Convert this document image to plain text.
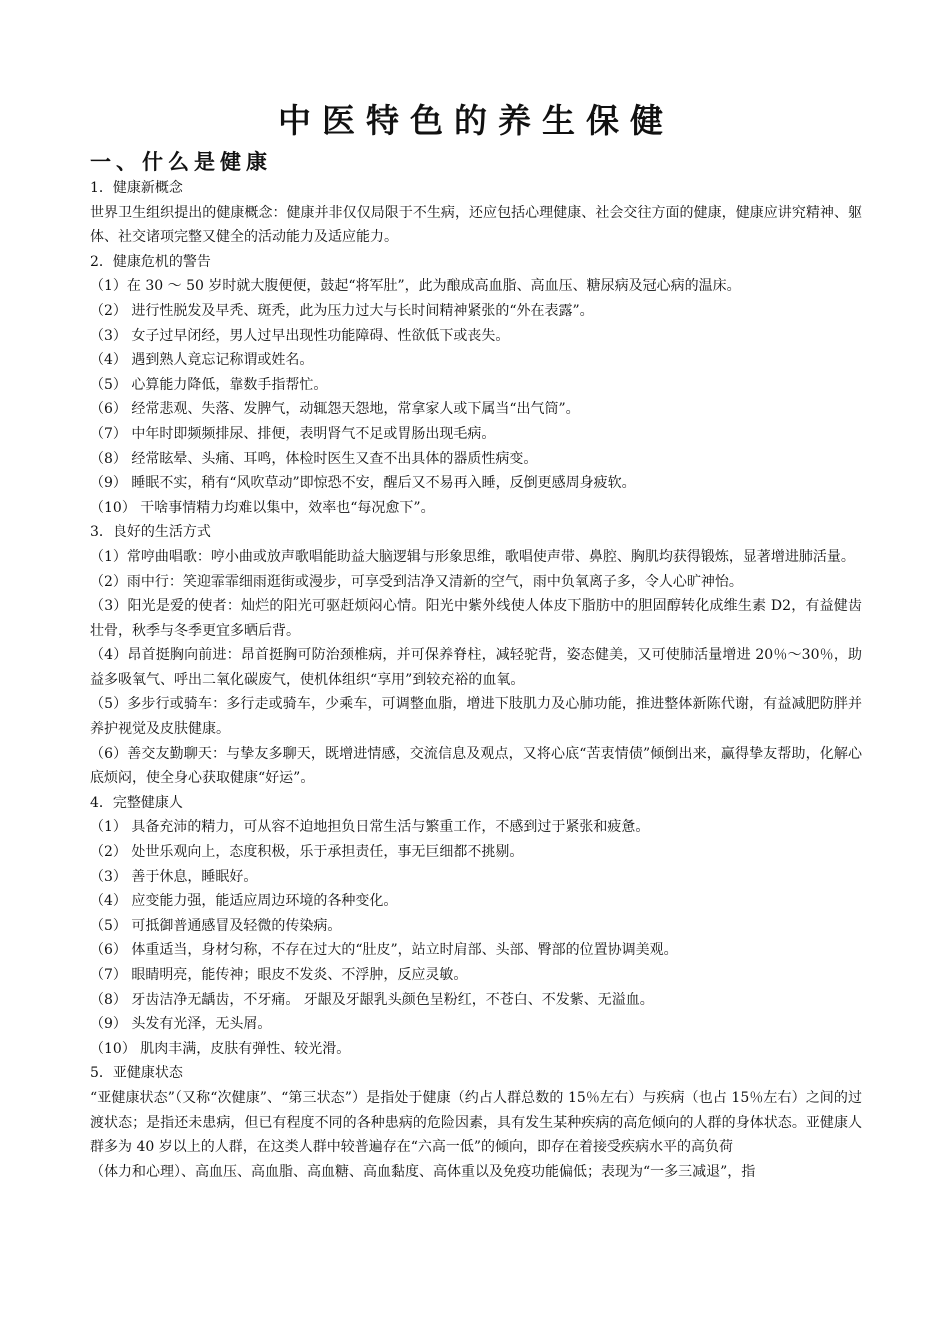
中医特色的养生保健
一、什么是健康

1．健康新概念

世界卫生组织提出的健康概念：健康并非仅仅局限于不生病，还应包括心理健康、社会交往方面的健康，健康应讲究精神、躯体、社交诸项完整又健全的活动能力及适应能力。

2．健康危机的警告

（1）在 30 ～ 50 岁时就大腹便便，鼓起“将军肚”，此为酿成高血脂、高血压、糖尿病及冠心病的温床。

（2） 进行性脱发及早秃、斑秃，此为压力过大与长时间精神紧张的“外在表露”。

（3） 女子过早闭经，男人过早出现性功能障碍、性欲低下或丧失。

（4） 遇到熟人竟忘记称谓或姓名。

（5） 心算能力降低，靠数手指帮忙。

（6） 经常悲观、失落、发脾气，动辄怨天怨地，常拿家人或下属当“出气筒”。

（7） 中年时即频频排尿、排便，表明肾气不足或胃肠出现毛病。

（8） 经常眩晕、头痛、耳鸣，体检时医生又查不出具体的器质性病变。

（9） 睡眠不实，稍有“风吹草动”即惊恐不安，醒后又不易再入睡，反倒更感周身疲软。

（10） 干啥事情精力均难以集中，效率也“每况愈下”。

3．良好的生活方式

（1）常哼曲唱歌：哼小曲或放声歌唱能助益大脑逻辑与形象思维，歌唱使声带、鼻腔、胸肌均获得锻炼，显著增进肺活量。

（2）雨中行：笑迎霏霏细雨逛街或漫步，可享受到洁净又清新的空气，雨中负氧离子多，令人心旷神怡。

（3）阳光是爱的使者：灿烂的阳光可驱赶烦闷心情。阳光中紫外线使人体皮下脂肪中的胆固醇转化成维生素 D2，有益健齿壮骨，秋季与冬季更宜多晒后背。

（4）昂首挺胸向前进：昂首挺胸可防治颈椎病，并可保养脊柱，减轻驼背，姿态健美，又可使肺活量增进 20％～30％，助益多吸氧气、呼出二氧化碳废气，使机体组织“享用”到较充裕的血氧。

（5）多步行或骑车：多行走或骑车，少乘车，可调整血脂，增进下肢肌力及心肺功能，推进整体新陈代谢，有益减肥防胖并养护视觉及皮肤健康。

（6）善交友勤聊天：与挚友多聊天，既增进情感，交流信息及观点，又将心底“苦衷情债”倾倒出来，赢得挚友帮助，化解心底烦闷，使全身心获取健康“好运”。

4．完整健康人

（1） 具备充沛的精力，可从容不迫地担负日常生活与繁重工作，不感到过于紧张和疲惫。

（2） 处世乐观向上，态度积极，乐于承担责任，事无巨细都不挑剔。

（3） 善于休息，睡眠好。

（4） 应变能力强，能适应周边环境的各种变化。

（5） 可抵御普通感冒及轻微的传染病。

（6） 体重适当，身材匀称，不存在过大的“肚皮”，站立时肩部、头部、臀部的位置协调美观。

（7） 眼睛明亮，能传神；眼皮不发炎、不浮肿，反应灵敏。

（8） 牙齿洁净无龋齿，不牙痛。 牙龈及牙龈乳头颜色呈粉红，不苍白、不发紫、无溢血。

（9） 头发有光泽，无头屑。

（10） 肌肉丰满，皮肤有弹性、较光滑。

5．亚健康状态

“亚健康状态”（又称“次健康”、“第三状态”）是指处于健康（约占人群总数的 15％左右）与疾病（也占 15％左右）之间的过渡状态；是指还未患病，但已有程度不同的各种患病的危险因素，具有发生某种疾病的高危倾向的人群的身体状态。亚健康人群多为 40 岁以上的人群，在这类人群中较普遍存在“六高一低”的倾向，即存在着接受疾病水平的高负荷

（体力和心理）、高血压、高血脂、高血糖、高血黏度、高体重以及免疫功能偏低；表现为“一多三减退”，指
